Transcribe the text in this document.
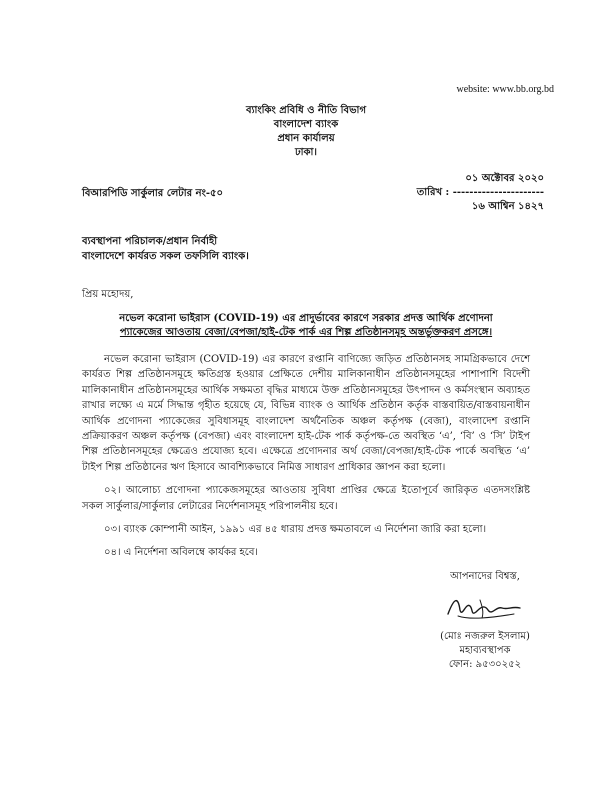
website: www.bb.org.bd
ব্যাংকিং প্রবিধি ও নীতি বিভাগ
বাংলাদেশ ব্যাংক
প্রধান কার্যালয়
ঢাকা।
০১ অক্টোবর ২০২০
তারিখ : ----------------------
১৬ আশ্বিন ১৪২৭
বিআরপিডি সার্কুলার লেটার নং-৫০
ব্যবস্থাপনা পরিচালক/প্রধান নির্বাহী
বাংলাদেশে কার্যরত সকল তফসিলি ব্যাংক।
প্রিয় মহোদয়,
নভেল করোনা ভাইরাস (COVID-19) এর প্রাদুর্ভাবের কারণে সরকার প্রদত্ত আর্থিক প্রণোদনা
প্যাকেজের আওতায় বেজা/বেপজা/হাই-টেক পার্ক এর শিল্প প্রতিষ্ঠানসমূহ অন্তর্ভুক্তকরণ প্রসঙ্গে।

নভেল করোনা ভাইরাস (COVID-19) এর কারণে রপ্তানি বাণিজ্যে জড়িত প্রতিষ্ঠানসহ সামগ্রিকভাবে দেশে কার্যরত শিল্প প্রতিষ্ঠানসমূহে ক্ষতিগ্রস্ত হওয়ার প্রেক্ষিতে দেশীয় মালিকানাধীন প্রতিষ্ঠানসমূহের পাশাপাশি বিদেশী মালিকানাধীন প্রতিষ্ঠানসমূহের আর্থিক সক্ষমতা বৃদ্ধির মাধ্যমে উক্ত প্রতিষ্ঠানসমূহের উৎপাদন ও কর্মসংস্থান অব্যাহত রাখার লক্ষ্যে এ মর্মে সিদ্ধান্ত গৃহীত হয়েছে যে, বিভিন্ন ব্যাংক ও আর্থিক প্রতিষ্ঠান কর্তৃক বাস্তবায়িত/বাস্তবায়নাধীন আর্থিক প্রণোদনা প্যাকেজের সুবিধাসমূহ বাংলাদেশ অর্থনৈতিক অঞ্চল কর্তৃপক্ষ (বেজা), বাংলাদেশ রপ্তানি প্রক্রিয়াকরণ অঞ্চল কর্তৃপক্ষ (বেপজা) এবং বাংলাদেশ হাই-টেক পার্ক কর্তৃপক্ষ-তে অবস্থিত ‘এ’, ‘বি’ ও ‘সি’ টাইপ শিল্প প্রতিষ্ঠানসমূহের ক্ষেত্রেও প্রযোজ্য হবে। এক্ষেত্রে প্রণোদনার অর্থ বেজা/বেপজা/হাই-টেক পার্কে অবস্থিত ‘এ’ টাইপ শিল্প প্রতিষ্ঠানের ঋণ হিসাবে আবশ্যিকভাবে নিমিত্ত সাধারণ প্রাধিকার জ্ঞাপন করা হলো।

০২। আলোচ্য প্রণোদনা প্যাকেজসমূহের আওতায় সুবিধা প্রাপ্তির ক্ষেত্রে ইতোপূর্বে জারিকৃত এতদসংশ্লিষ্ট সকল সার্কুলার/সার্কুলার লেটারের নির্দেশনাসমূহ পরিপালনীয় হবে।

০৩। ব্যাংক কোম্পানী আইন, ১৯৯১ এর ৪৫ ধারায় প্রদত্ত ক্ষমতাবলে এ নির্দেশনা জারি করা হলো।

০৪। এ নির্দেশনা অবিলম্বে কার্যকর হবে।

আপনাদের বিশ্বস্ত,
(মোঃ নজরুল ইসলাম)
মহাব্যবস্থাপক
ফোন: ৯৫৩০২৫২
